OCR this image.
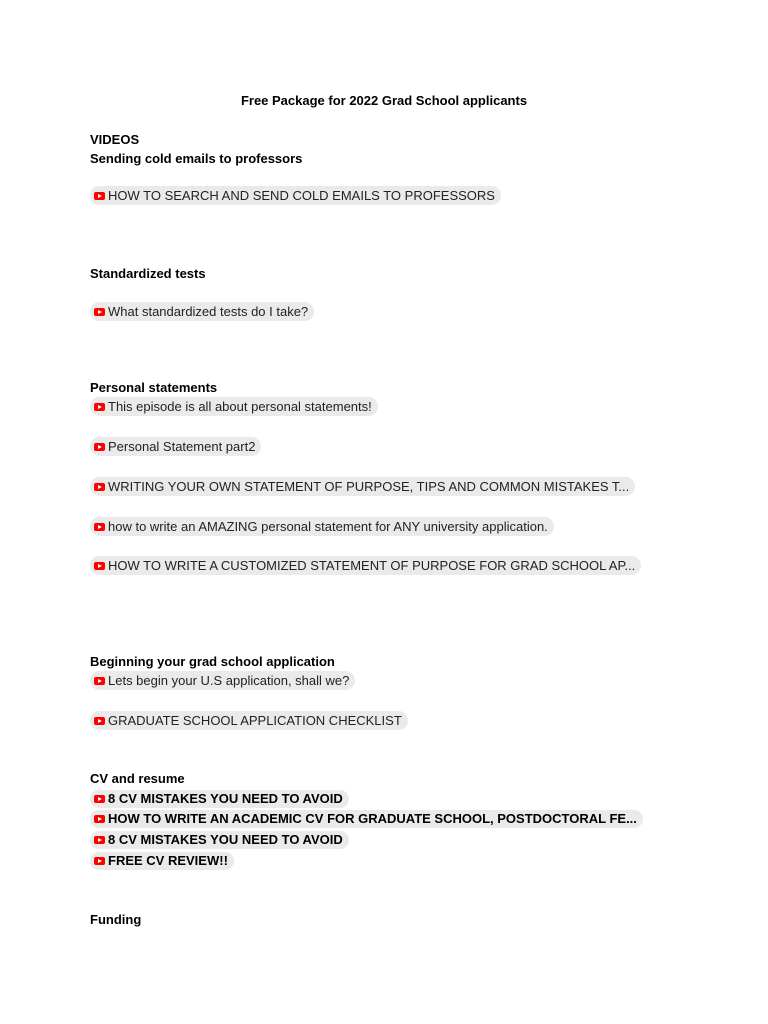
Free Package for 2022 Grad School applicants
VIDEOS
Sending cold emails to professors
HOW TO SEARCH AND SEND COLD EMAILS TO PROFESSORS
Standardized tests
What standardized tests do I take?
Personal statements
This episode is all about personal statements!
Personal Statement part2
WRITING YOUR OWN STATEMENT OF PURPOSE, TIPS AND COMMON MISTAKES T...
how to write an AMAZING personal statement for ANY university application.
HOW TO WRITE A CUSTOMIZED STATEMENT OF PURPOSE FOR GRAD SCHOOL AP...
Beginning your grad school application
Lets begin your U.S application, shall we?
GRADUATE SCHOOL APPLICATION CHECKLIST
CV and resume
8 CV MISTAKES YOU NEED TO AVOID
HOW TO WRITE AN ACADEMIC CV FOR GRADUATE SCHOOL, POSTDOCTORAL FE...
8 CV MISTAKES YOU NEED TO AVOID
FREE CV REVIEW!!
Funding
